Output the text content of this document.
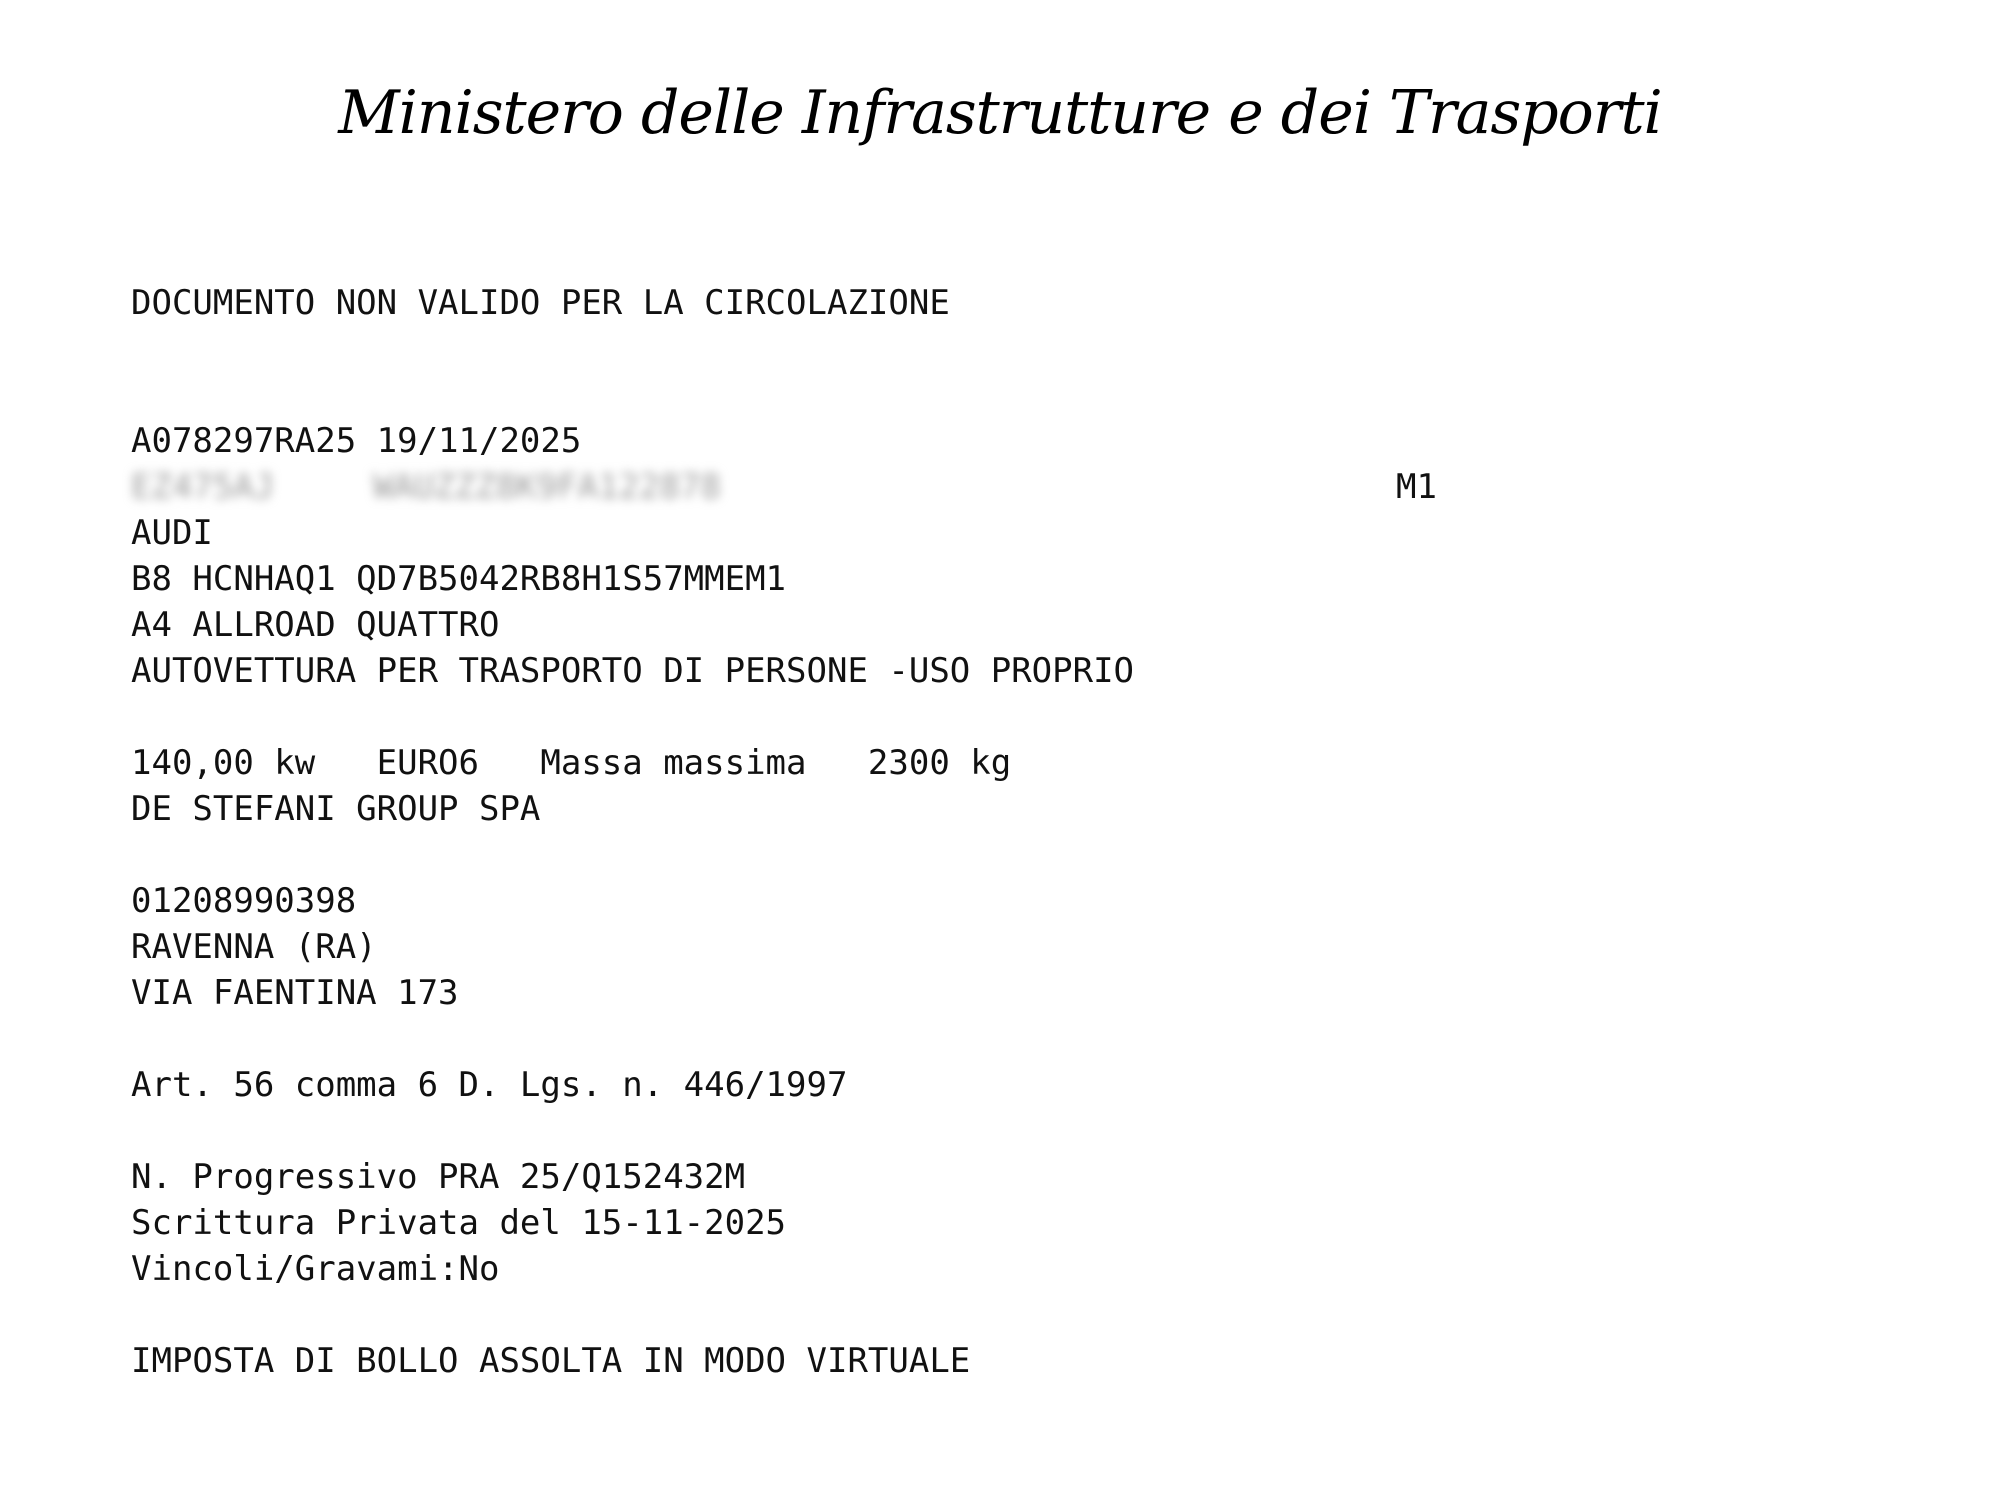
Ministero delle Infrastrutture e dei Trasporti
DOCUMENTO NON VALIDO PER LA CIRCOLAZIONE
A078297RA25 19/11/2025

EZ475AJ

	WAUZZZ8K9FA122878

	M1

AUDI
B8 HCNHAQ1 QD7B5042RB8H1S57MMEM1
A4 ALLROAD QUATTRO
AUTOVETTURA PER TRASPORTO DI PERSONE -USO PROPRIO
140,00 kw   EURO6   Massa massima   2300 kg
DE STEFANI GROUP SPA
01208990398
RAVENNA (RA)
VIA FAENTINA 173
Art. 56 comma 6 D. Lgs. n. 446/1997
N. Progressivo PRA 25/Q152432M
Scrittura Privata del 15-11-2025
Vincoli/Gravami:No
IMPOSTA DI BOLLO ASSOLTA IN MODO VIRTUALE
